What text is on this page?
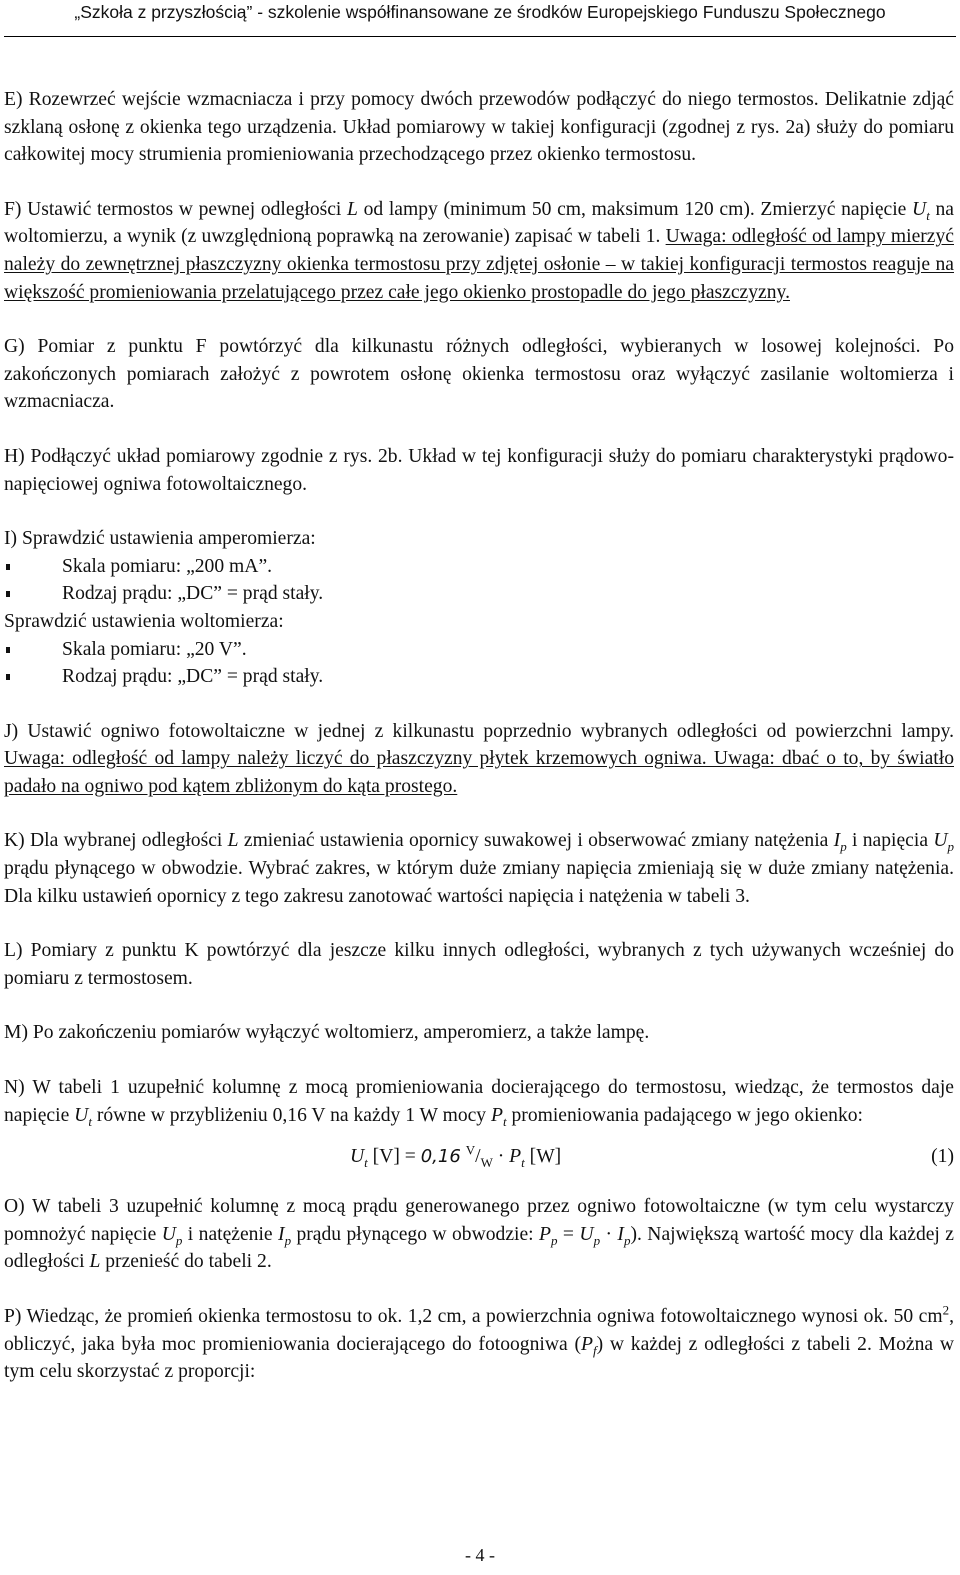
„Szkoła z przyszłością” - szkolenie współfinansowane ze środków Europejskiego Funduszu Społecznego

E) Rozewrzeć wejście wzmacniacza i przy pomocy dwóch przewodów podłączyć do niego termostos. Delikatnie zdjąć szklaną osłonę z okienka tego urządzenia. Układ pomiarowy w takiej konfiguracji (zgodnej z rys. 2a) służy do pomiaru całkowitej mocy strumienia promieniowania przechodzącego przez okienko termostosu.

F) Ustawić termostos w pewnej odległości L od lampy (minimum 50 cm, maksimum 120 cm). Zmierzyć napięcie $U_t$ na woltomierzu, a wynik (z uwzględnioną poprawką na zerowanie) zapisać w tabeli 1. Uwaga: odległość od lampy mierzyć należy do zewnętrznej płaszczyzny okienka termostosu przy zdjętej osłonie – w takiej konfiguracji termostos reaguje na większość promieniowania przelatującego przez całe jego okienko prostopadle do jego płaszczyzny.

G) Pomiar z punktu F powtórzyć dla kilkunastu różnych odległości, wybieranych w losowej kolejności. Po zakończonych pomiarach założyć z powrotem osłonę okienka termostosu oraz wyłączyć zasilanie woltomierza i wzmacniacza.

H) Podłączyć układ pomiarowy zgodnie z rys. 2b. Układ w tej konfiguracji służy do pomiaru charakterystyki prądowo-napięciowej ogniwa fotowoltaicznego.

I) Sprawdzić ustawienia amperomierza:
Skala pomiaru: „200 mA”.
Rodzaj prądu: „DC” = prąd stały.
Sprawdzić ustawienia woltomierza:
Skala pomiaru: „20 V”.
Rodzaj prądu: „DC” = prąd stały.

J) Ustawić ogniwo fotowoltaiczne w jednej z kilkunastu poprzednio wybranych odległości od powierzchni lampy. Uwaga: odległość od lampy należy liczyć do płaszczyzny płytek krzemowych ogniwa. Uwaga: dbać o to, by światło padało na ogniwo pod kątem zbliżonym do kąta prostego.

K) Dla wybranej odległości L zmieniać ustawienia opornicy suwakowej i obserwować zmiany natężenia $I_p$ i napięcia $U_p$ prądu płynącego w obwodzie. Wybrać zakres, w którym duże zmiany napięcia zmieniają się w duże zmiany natężenia. Dla kilku ustawień opornicy z tego zakresu zanotować wartości napięcia i natężenia w tabeli 3.

L) Pomiary z punktu K powtórzyć dla jeszcze kilku innych odległości, wybranych z tych używanych wcześniej do pomiaru z termostosem.

M) Po zakończeniu pomiarów wyłączyć woltomierz, amperomierz, a także lampę.

N) W tabeli 1 uzupełnić kolumnę z mocą promieniowania docierającego do termostosu, wiedząc, że termostos daje napięcie $U_t$ równe w przybliżeniu 0,16 V na każdy 1 W mocy $P_t$ promieniowania padającego w jego okienko:

$U_t$ [V] = 0,16 $^V/_W \cdot P_t$ [W]	(1)

O) W tabeli 3 uzupełnić kolumnę z mocą prądu generowanego przez ogniwo fotowoltaiczne (w tym celu wystarczy pomnożyć napięcie $U_p$ i natężenie $I_p$ prądu płynącego w obwodzie: $P_p = U_p \cdot I_p$). Największą wartość mocy dla każdej z odległości L przenieść do tabeli 2.

P) Wiedząc, że promień okienka termostosu to ok. 1,2 cm, a powierzchnia ogniwa fotowoltaicznego wynosi ok. 50 $cm^2$, obliczyć, jaka była moc promieniowania docierającego do fotoogniwa $(P_f)$ w każdej z odległości z tabeli 2. Można w tym celu skorzystać z proporcji:

- 4 -
